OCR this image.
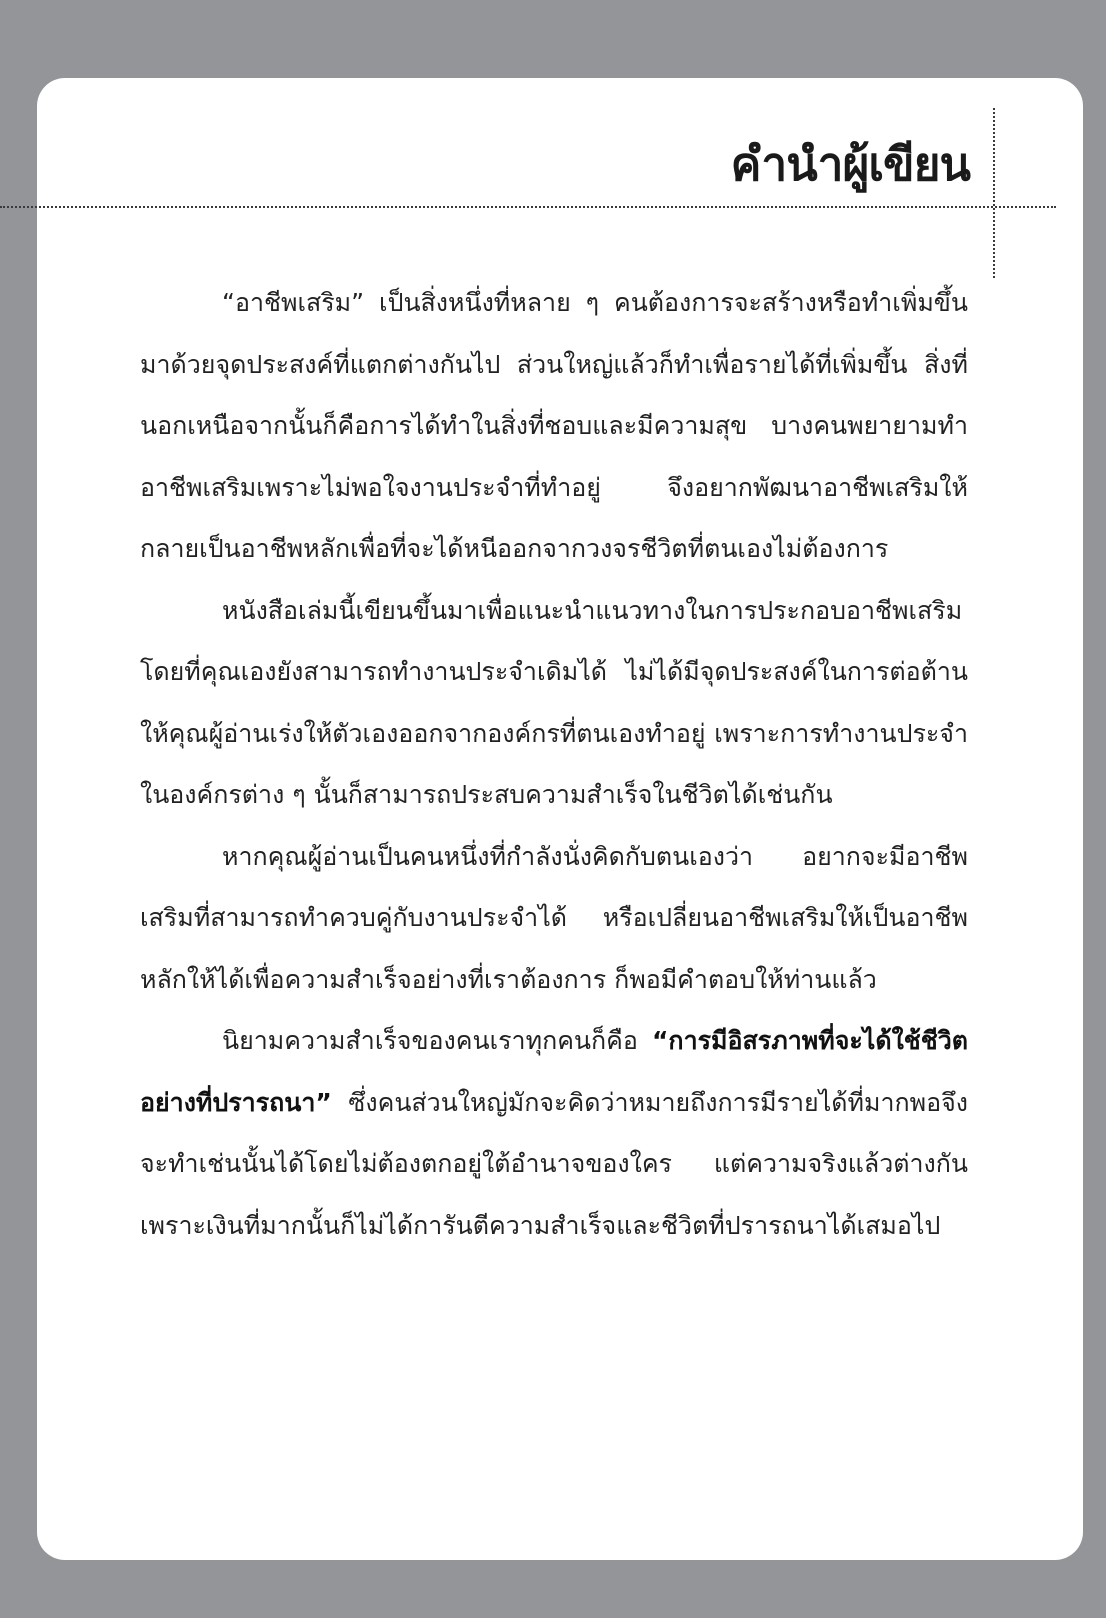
คำนำผู้เขียน

“อาชีพเสริม” เป็นสิ่งหนึ่งที่หลาย ๆ คนต้องการจะสร้างหรือทำเพิ่มขึ้นมาด้วยจุดประสงค์ที่แตกต่างกันไป ส่วนใหญ่แล้วก็ทำเพื่อรายได้ที่เพิ่มขึ้น สิ่งที่นอกเหนือจากนั้นก็คือการได้ทำในสิ่งที่ชอบและมีความสุข บางคนพยายามทำอาชีพเสริมเพราะไม่พอใจงานประจำที่ทำอยู่ จึงอยากพัฒนาอาชีพเสริมให้กลายเป็นอาชีพหลักเพื่อที่จะได้หนีออกจากวงจรชีวิตที่ตนเองไม่ต้องการ

หนังสือเล่มนี้เขียนขึ้นมาเพื่อแนะนำแนวทางในการประกอบอาชีพเสริม โดยที่คุณเองยังสามารถทำงานประจำเดิมได้ ไม่ได้มีจุดประสงค์ในการต่อต้านให้คุณผู้อ่านเร่งให้ตัวเองออกจากองค์กรที่ตนเองทำอยู่ เพราะการทำงานประจำในองค์กรต่าง ๆ นั้นก็สามารถประสบความสำเร็จในชีวิตได้เช่นกัน

หากคุณผู้อ่านเป็นคนหนึ่งที่กำลังนั่งคิดกับตนเองว่า อยากจะมีอาชีพเสริมที่สามารถทำควบคู่กับงานประจำได้ หรือเปลี่ยนอาชีพเสริมให้เป็นอาชีพหลักให้ได้เพื่อความสำเร็จอย่างที่เราต้องการ ก็พอมีคำตอบให้ท่านแล้ว

นิยามความสำเร็จของคนเราทุกคนก็คือ “การมีอิสรภาพที่จะได้ใช้ชีวิตอย่างที่ปรารถนา” ซึ่งคนส่วนใหญ่มักจะคิดว่าหมายถึงการมีรายได้ที่มากพอจึงจะทำเช่นนั้นได้โดยไม่ต้องตกอยู่ใต้อำนาจของใคร แต่ความจริงแล้วต่างกัน เพราะเงินที่มากนั้นก็ไม่ได้การันตีความสำเร็จและชีวิตที่ปรารถนาได้เสมอไป
